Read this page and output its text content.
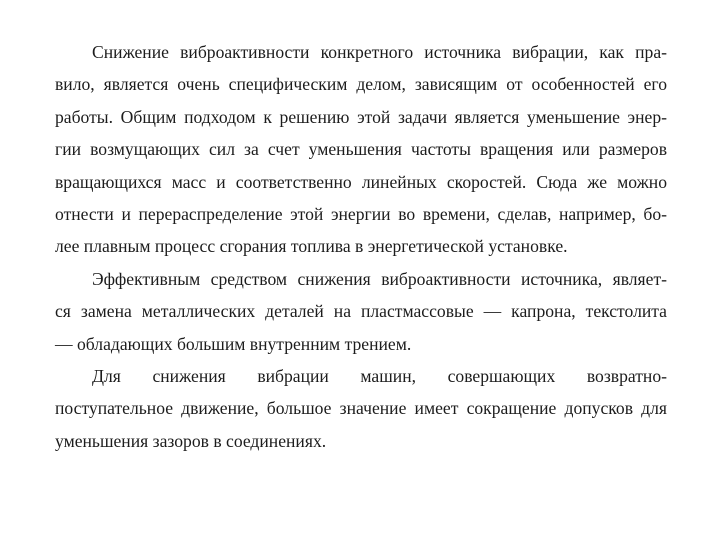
Снижение виброактивности конкретного источника вибрации, как пра-
вило, является очень специфическим делом, зависящим от особенностей его
работы. Общим подходом к решению этой задачи является уменьшение энер-
гии возмущающих сил за счет уменьшения частоты вращения или размеров
вращающихся масс и соответственно линейных скоростей. Сюда же можно
отнести и перераспределение этой энергии во времени, сделав, например, бо-
лее плавным процесс сгорания топлива в энергетической установке.
Эффективным средством снижения виброактивности источника, являет-
ся замена металлических деталей на пластмассовые — капрона, текстолита
— обладающих большим внутренним трением.
Для снижения вибрации машин, совершающих возвратно-
поступательное движение, большое значение имеет сокращение допусков для
уменьшения зазоров в соединениях.
